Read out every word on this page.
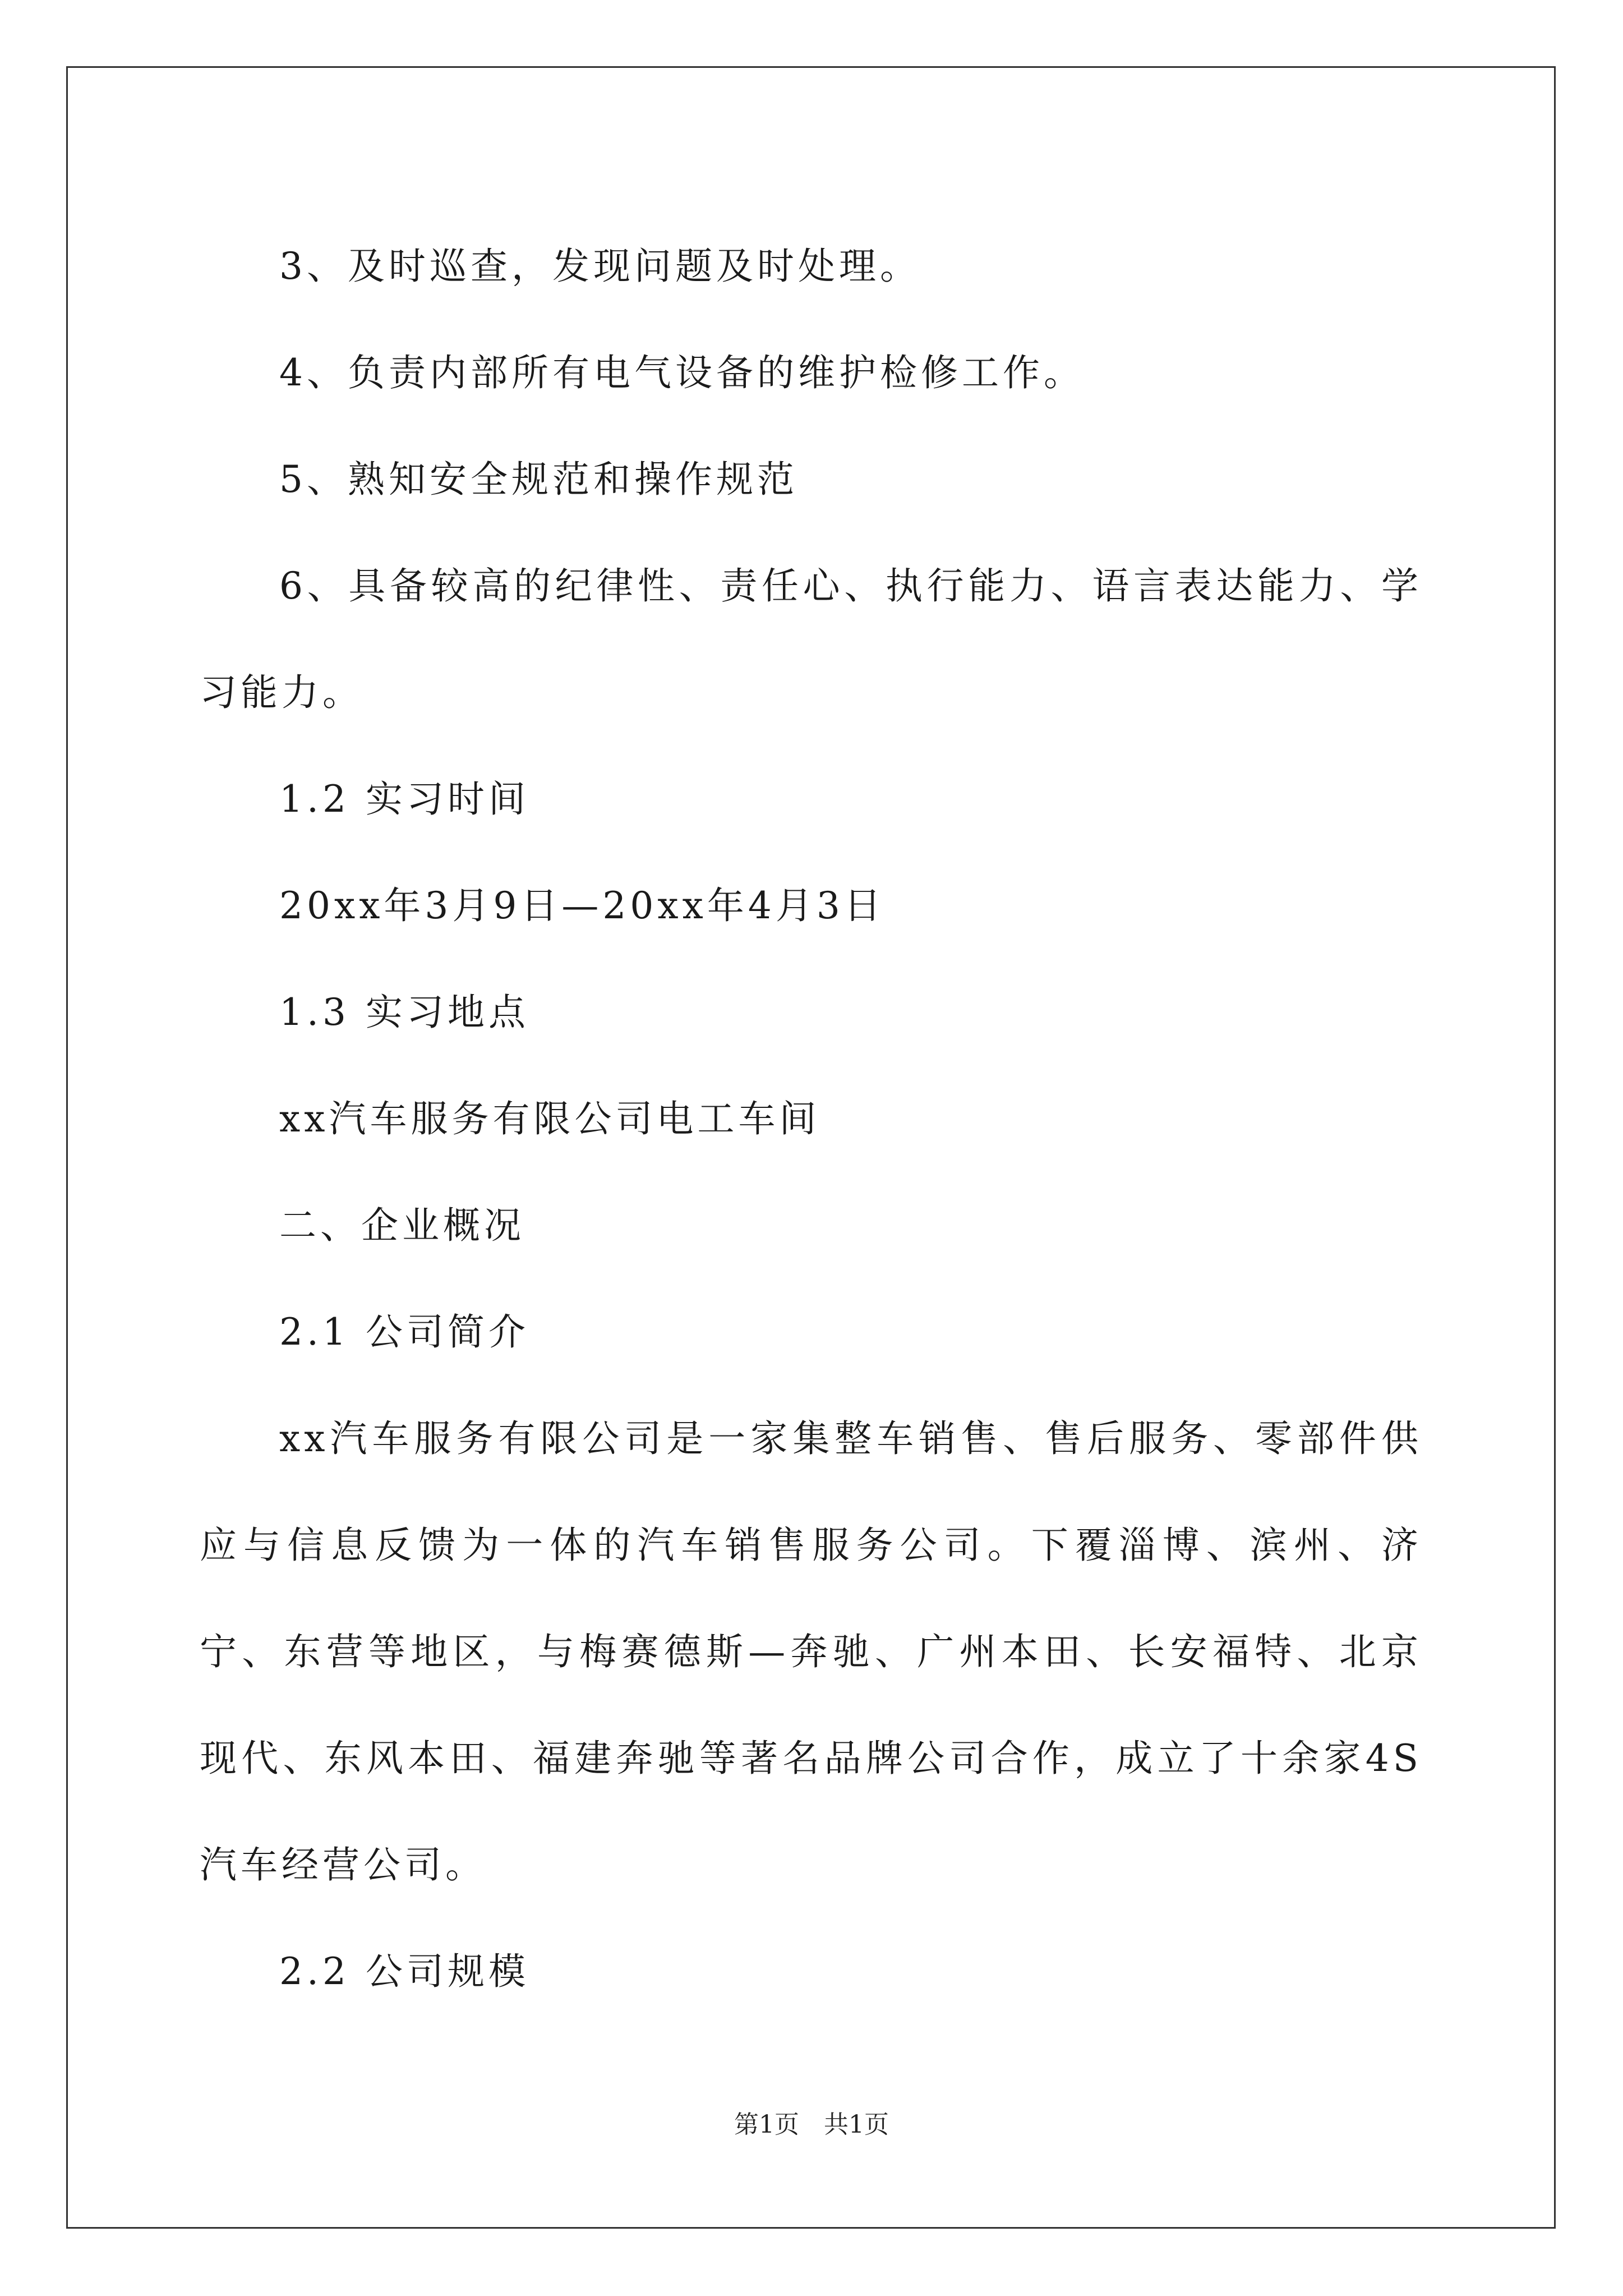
3、及时巡查，发现问题及时处理。

4、负责内部所有电气设备的维护检修工作。

5、熟知安全规范和操作规范

6、具备较高的纪律性、责任心、执行能力、语言表达能力、学习能力。

1.2 实习时间

20xx年3月9日—20xx年4月3日

1.3 实习地点

xx汽车服务有限公司电工车间

二、企业概况

2.1 公司简介

xx汽车服务有限公司是一家集整车销售、售后服务、零部件供应与信息反馈为一体的汽车销售服务公司。下覆淄博、滨州、济宁、东营等地区，与梅赛德斯—奔驰、广州本田、长安福特、北京现代、东风本田、福建奔驰等著名品牌公司合作，成立了十余家4S汽车经营公司。

2.2 公司规模

第1页　共1页
